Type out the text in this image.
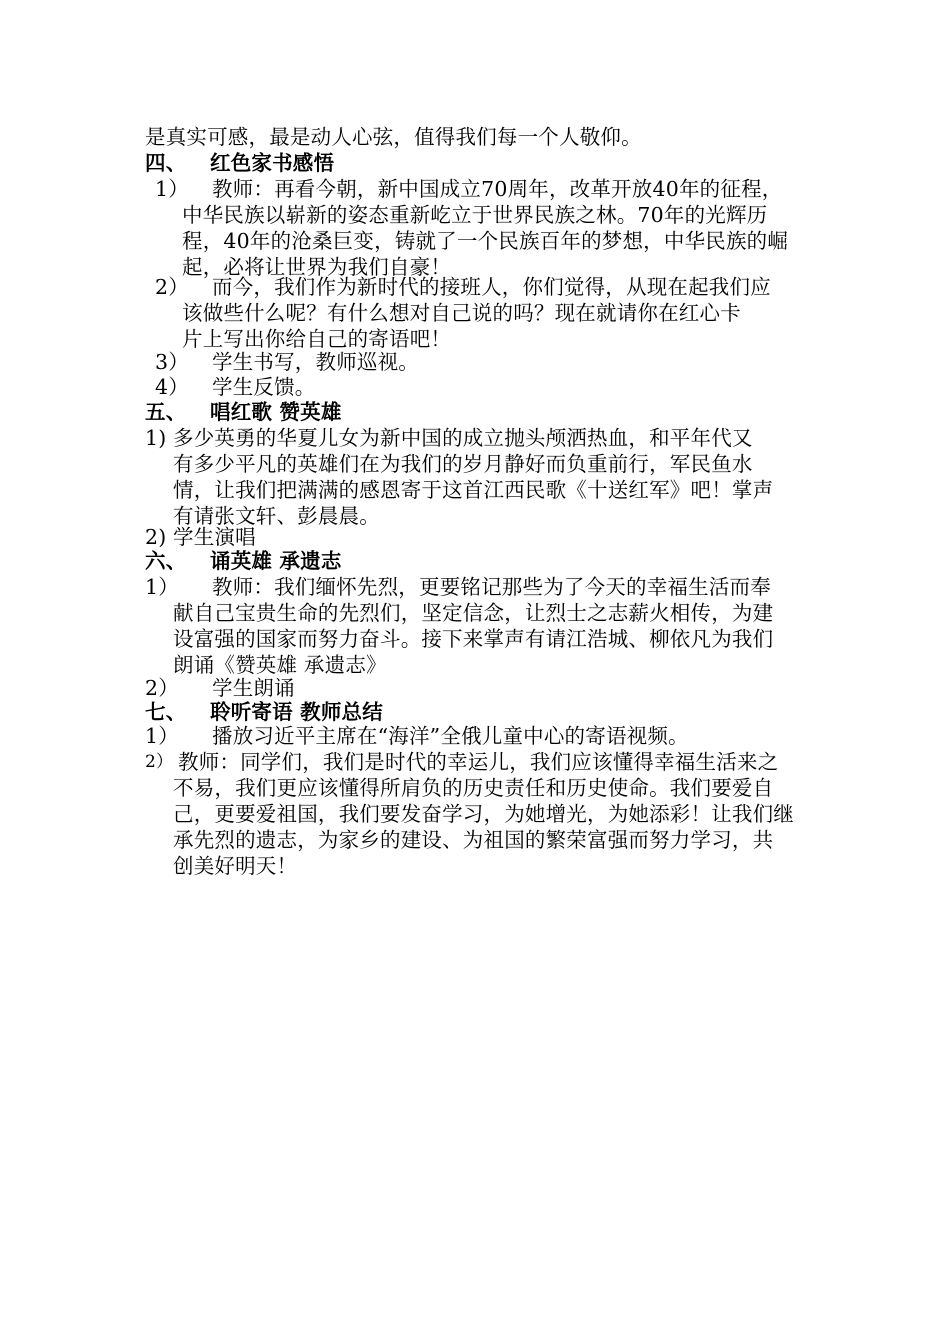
是真实可感，最是动人心弦，值得我们每一个人敬仰。
四、 红色家书感悟
1） 教师：再看今朝，新中国成立70周年，改革开放40年的征程，
中华民族以崭新的姿态重新屹立于世界民族之林。70年的光辉历
程，40年的沧桑巨变，铸就了一个民族百年的梦想，中华民族的崛
起，必将让世界为我们自豪！
2） 而今，我们作为新时代的接班人，你们觉得，从现在起我们应
该做些什么呢？有什么想对自己说的吗？现在就请你在红心卡
片上写出你给自己的寄语吧！
3） 学生书写，教师巡视。
4） 学生反馈。
五、 唱红歌 赞英雄
1) 多少英勇的华夏儿女为新中国的成立抛头颅洒热血，和平年代又
有多少平凡的英雄们在为我们的岁月静好而负重前行，军民鱼水
情，让我们把满满的感恩寄于这首江西民歌《十送红军》吧！掌声
有请张文轩、彭晨晨。
2) 学生演唱
六、 诵英雄 承遗志
1） 教师：我们缅怀先烈，更要铭记那些为了今天的幸福生活而奉
献自己宝贵生命的先烈们，坚定信念，让烈士之志薪火相传，为建
设富强的国家而努力奋斗。接下来掌声有请江浩城、柳依凡为我们
朗诵《赞英雄 承遗志》
2） 学生朗诵
七、 聆听寄语 教师总结
1） 播放习近平主席在“海洋”全俄儿童中心的寄语视频。
2） 教师：同学们，我们是时代的幸运儿，我们应该懂得幸福生活来之
不易，我们更应该懂得所肩负的历史责任和历史使命。我们要爱自
己，更要爱祖国，我们要发奋学习，为她增光，为她添彩！让我们继
承先烈的遗志，为家乡的建设、为祖国的繁荣富强而努力学习，共
创美好明天！
